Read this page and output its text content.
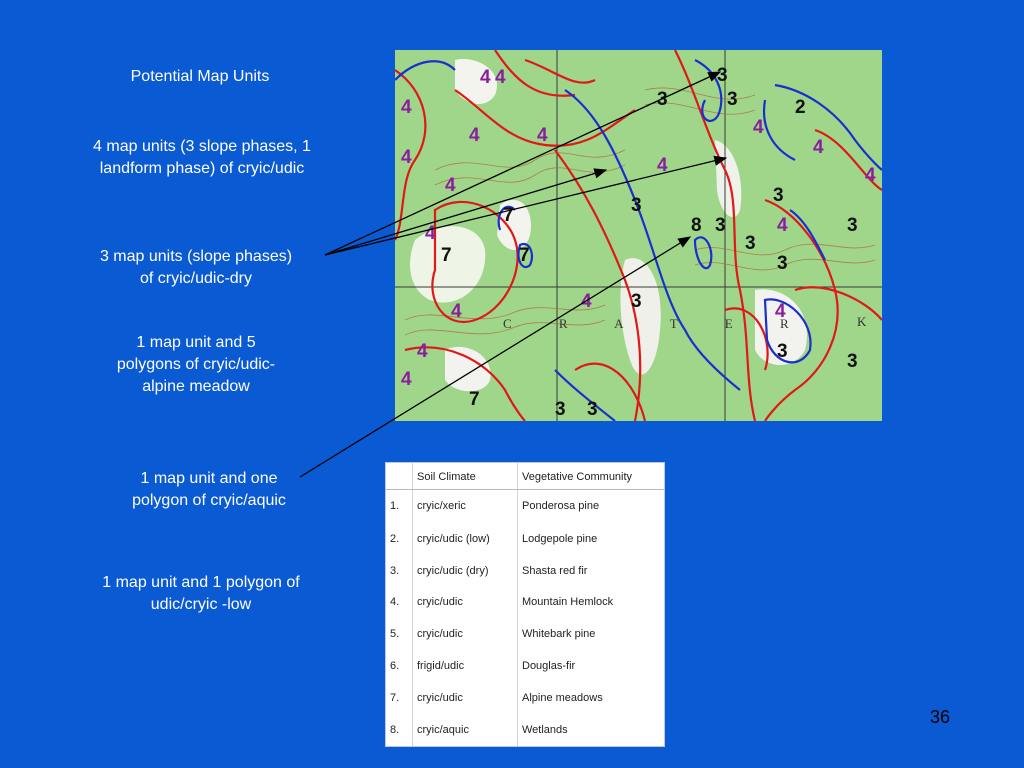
Potential Map Units
4 map units (3 slope phases, 1
landform phase) of cryic/udic
3 map units (slope phases)
of cryic/udic-dry
1 map unit and 5
polygons of cryic/udic-
alpine meadow
1 map unit and one
polygon of cryic/aquic
1 map unit and 1 polygon of
udic/cryic -low
C R A T E R	K
4 4	3
3	3	2
4
4
4	4
4	4
4
4	4
3
3
7	8 3	4	3
4	3
7	7	3
4
4	3	4
3
4	3
4
7	3 3
	Soil Climate	Vegetative Community
1.	cryic/xeric	Ponderosa pine
2.	cryic/udic (low)	Lodgepole pine
3.	cryic/udic (dry)	Shasta red fir
4.	cryic/udic	Mountain Hemlock
5.	cryic/udic	Whitebark pine
6.	frigid/udic	Douglas-fir
7.	cryic/udic	Alpine meadows
8.	cryic/aquic	Wetlands
36
